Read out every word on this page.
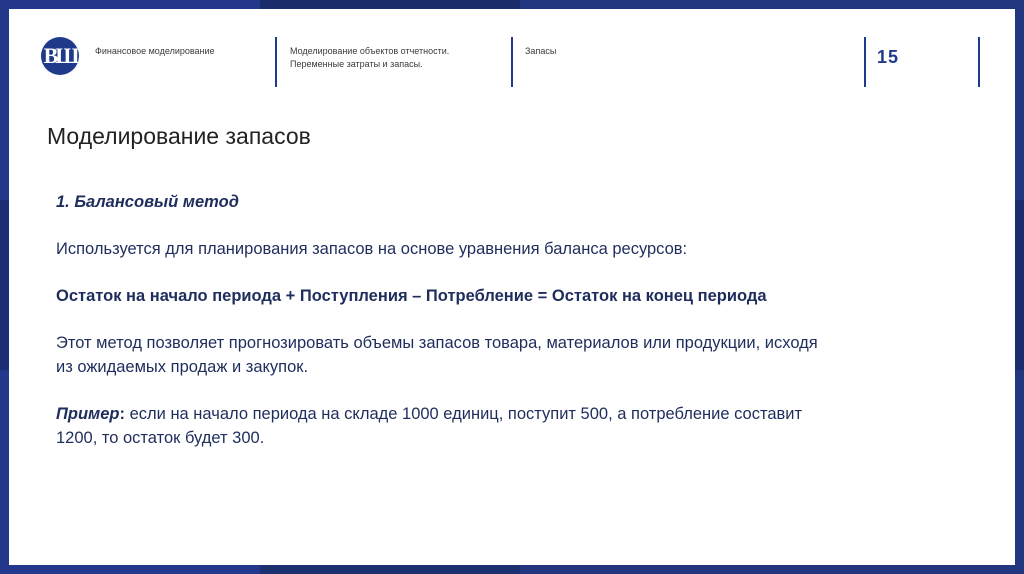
ВШ Финансовое моделирование	Моделирование объектов отчетности. Переменные затраты и запасы.
Запасы	15
Моделирование запасов

1. Балансовый метод

Используется для планирования запасов на основе уравнения баланса ресурсов:

Остаток на начало периода + Поступления – Потребление = Остаток на конец периода

Этот метод позволяет прогнозировать объемы запасов товара, материалов или продукции, исходя из ожидаемых продаж и закупок.

Пример: если на начало периода на складе 1000 единиц, поступит 500, а потребление составит 1200, то остаток будет 300.
